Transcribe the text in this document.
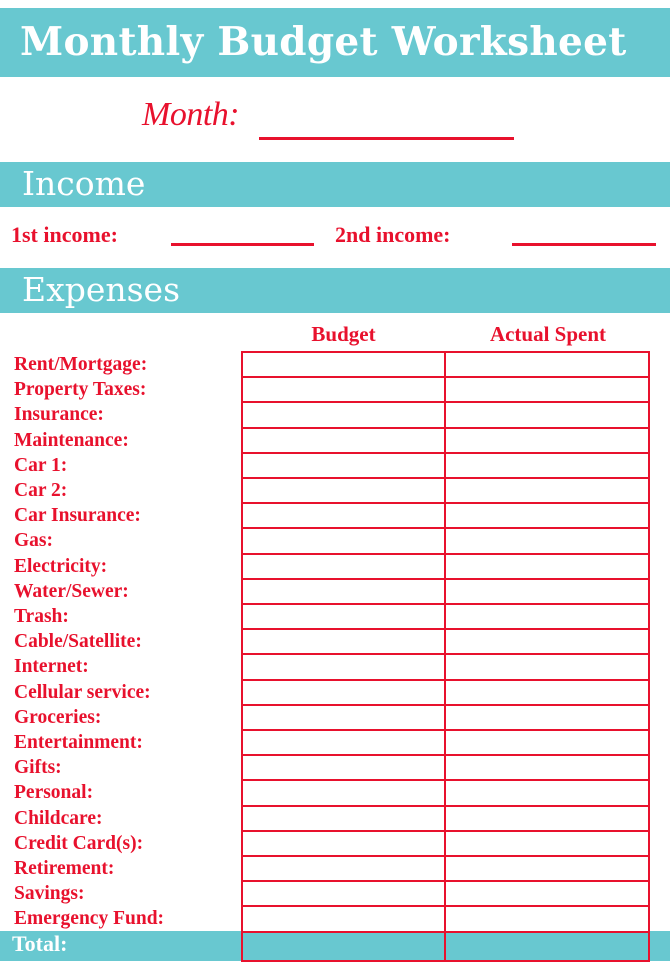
Monthly Budget Worksheet
Month:
Income
1st income:	2nd income:
Expenses
Budget	Actual Spent
Total:
Rent/Mortgage:
Property Taxes:
Insurance:
Maintenance:
Car 1:
Car 2:
Car Insurance:
Gas:
Electricity:
Water/Sewer:
Trash:
Cable/Satellite:
Internet:
Cellular service:
Groceries:
Entertainment:
Gifts:
Personal:
Childcare:
Credit Card(s):
Retirement:
Savings:
Emergency Fund:
